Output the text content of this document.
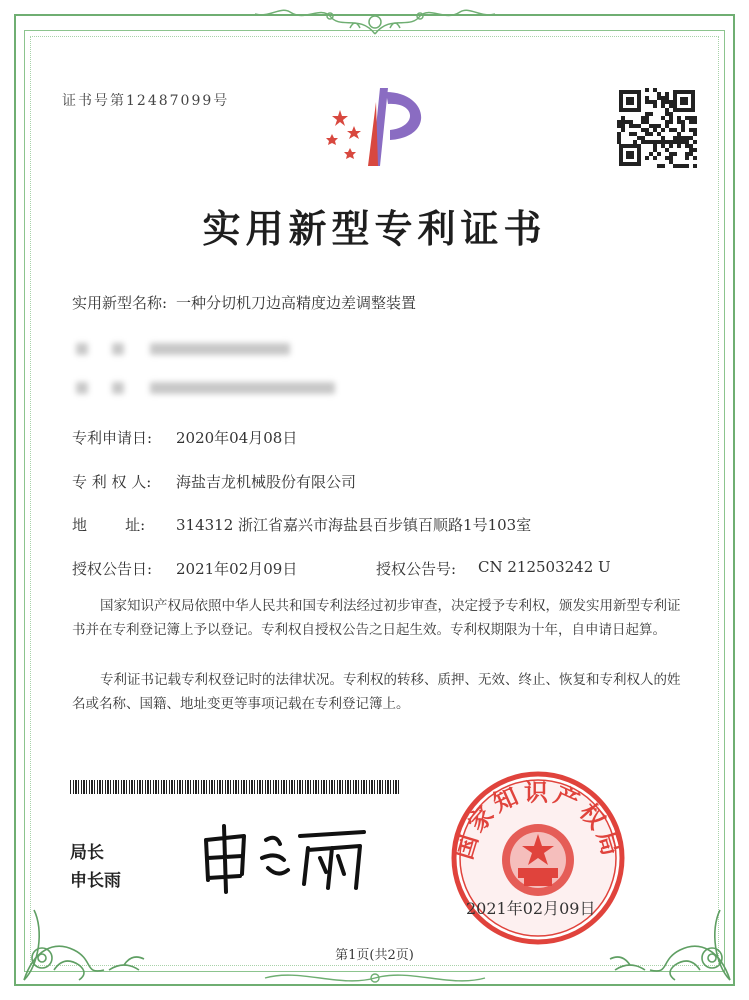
证书号第12487099号
实用新型专利证书
实用新型名称: 一种分切机刀边高精度边差调整装置
专利申请日: 2020年04月08日
专 利 权 人: 海盐吉龙机械股份有限公司
地        址: 314312 浙江省嘉兴市海盐县百步镇百顺路1号103室
授权公告日: 2021年02月09日	授权公告号: CN 212503242 U
国家知识产权局依照中华人民共和国专利法经过初步审查，决定授予专利权，颁发实用新型专利证书并在专利登记簿上予以登记。专利权自授权公告之日起生效。专利权期限为十年，自申请日起算。
专利证书记载专利权登记时的法律状况。专利权的转移、质押、无效、终止、恢复和专利权人的姓名或名称、国籍、地址变更等事项记载在专利登记簿上。
局长
申长雨
国家知识产权局
2021年02月09日
第1页(共2页)
